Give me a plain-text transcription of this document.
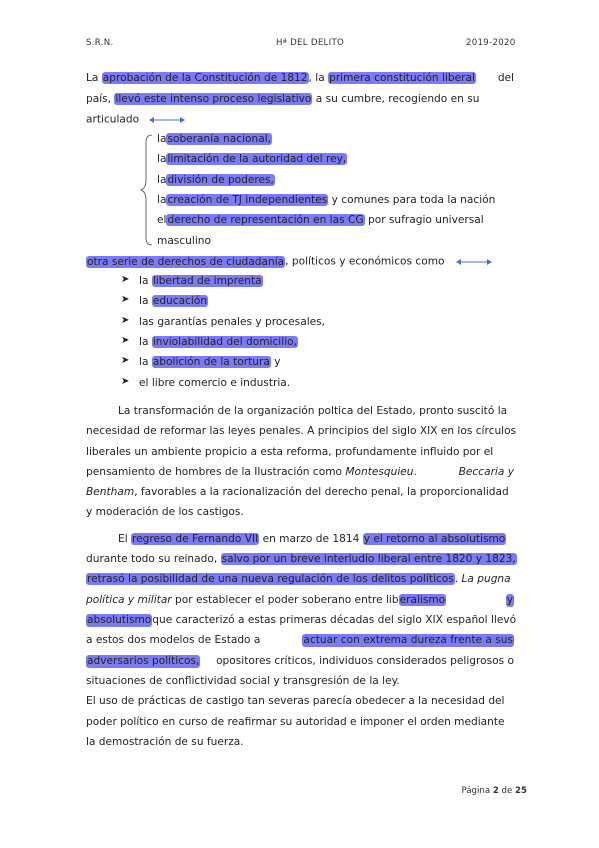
S.R.N.	Hª DEL DELITO	2019-2020
La aprobación de la Constitución de 1812, la primera constitución liberal del
país, llevó este intenso proceso legislativo a su cumbre, recogiendo en su
articulado
lasoberanía nacional,
lalimitación de la autoridad del rey,
ladivisión de poderes,
lacreación de TJ independientes y comunes para toda la nación
elderecho de representación en las CG por sufragio universal
masculino
otra serie de derechos de ciudadanía, políticos y económicos como
➤ la libertad de imprenta
➤ la educación
➤ las garantías penales y procesales,
➤ la inviolabilidad del domicilio,
➤ la abolición de la tortura y
➤ el libre comercio e industria.
La transformación de la organización poltica del Estado, pronto suscitó la
necesidad de reformar las leyes penales. A principios del siglo XIX en los círculos
liberales un ambiente propicio a esta reforma, profundamente influido por el
pensamiento de hombres de la Ilustración como Montesquieu.	Beccaria y
Bentham, favorables a la racionalización del derecho penal, la proporcionalidad
y moderación de los castigos.
El regreso de Fernando VII en marzo de 1814 y el retorno al absolutismo
durante todo su reinado, salvo por un breve interludio liberal entre 1820 y 1823,
retrasó la posibilidad de una nueva regulación de los delitos políticos. La pugna
política y militar por establecer el poder soberano entre liberalismo	y
absolutismo que caracterizó a estas primeras décadas del siglo XIX español llevó
a estos dos modelos de Estado a	actuar con extrema dureza frente a sus
adversarios políticos, opositores críticos, individuos considerados peligrosos o
situaciones de conflictividad social y transgresión de la ley.
El uso de prácticas de castigo tan severas parecía obedecer a la necesidad del
poder político en curso de reafirmar su autoridad e imponer el orden mediante
la demostración de su fuerza.
Página 2 de 25
